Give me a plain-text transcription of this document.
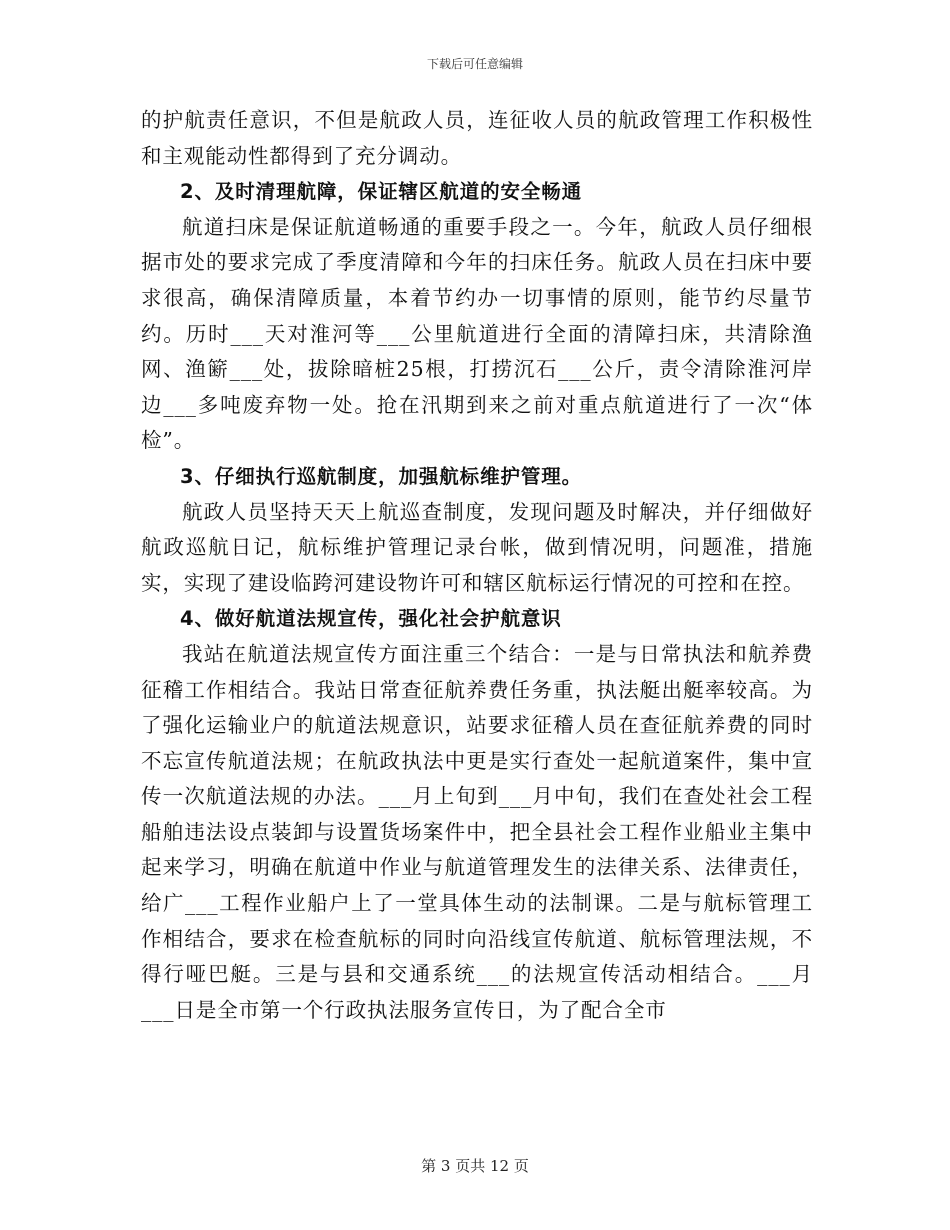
下载后可任意编辑

的护航责任意识，不但是航政人员，连征收人员的航政管理工作积极性和主观能动性都得到了充分调动。

2、及时清理航障，保证辖区航道的安全畅通

航道扫床是保证航道畅通的重要手段之一。今年，航政人员仔细根据市处的要求完成了季度清障和今年的扫床任务。航政人员在扫床中要求很高，确保清障质量，本着节约办一切事情的原则，能节约尽量节约。历时___天对淮河等___公里航道进行全面的清障扫床，共清除渔网、渔簖___处，拔除暗桩25根，打捞沉石___公斤，责令清除淮河岸边___多吨废弃物一处。抢在汛期到来之前对重点航道进行了一次“体检”。

3、仔细执行巡航制度，加强航标维护管理。

航政人员坚持天天上航巡查制度，发现问题及时解决，并仔细做好航政巡航日记，航标维护管理记录台帐，做到情况明，问题准，措施实，实现了建设临跨河建设物许可和辖区航标运行情况的可控和在控。

4、做好航道法规宣传，强化社会护航意识

我站在航道法规宣传方面注重三个结合：一是与日常执法和航养费征稽工作相结合。我站日常查征航养费任务重，执法艇出艇率较高。为了强化运输业户的航道法规意识，站要求征稽人员在查征航养费的同时不忘宣传航道法规；在航政执法中更是实行查处一起航道案件，集中宣传一次航道法规的办法。___月上旬到___月中旬，我们在查处社会工程船舶违法设点装卸与设置货场案件中，把全县社会工程作业船业主集中起来学习，明确在航道中作业与航道管理发生的法律关系、法律责任，给广___工程作业船户上了一堂具体生动的法制课。二是与航标管理工作相结合，要求在检查航标的同时向沿线宣传航道、航标管理法规，不得行哑巴艇。三是与县和交通系统___的法规宣传活动相结合。___月___日是全市第一个行政执法服务宣传日，为了配合全市

第 3 页共 12 页
